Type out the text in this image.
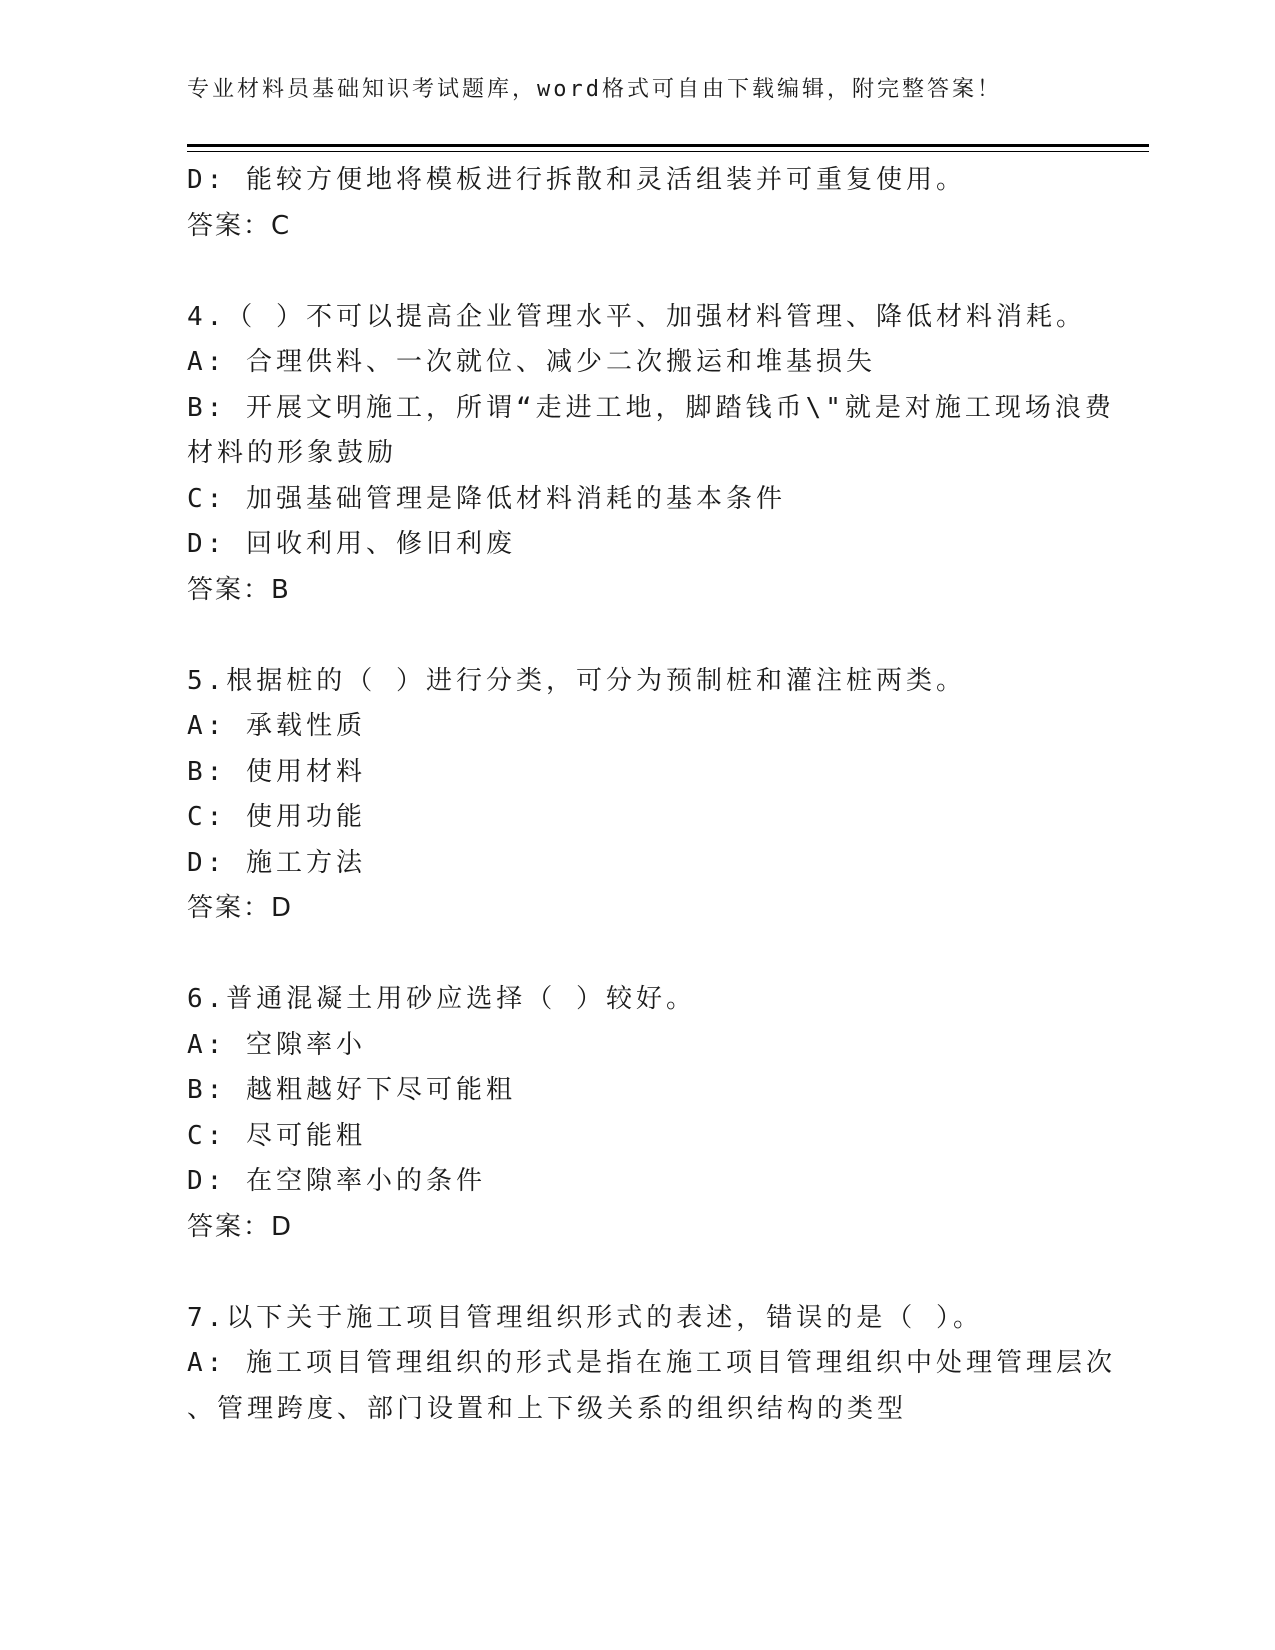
专业材料员基础知识考试题库，word格式可自由下载编辑，附完整答案！
D: 能较方便地将模板进行拆散和灵活组装并可重复使用。
答案：C
4.（ ）不可以提高企业管理水平、加强材料管理、降低材料消耗。
A: 合理供料、一次就位、减少二次搬运和堆基损失
B: 开展文明施工，所谓“走进工地，脚踏钱币\"就是对施工现场浪费
材料的形象鼓励
C: 加强基础管理是降低材料消耗的基本条件
D: 回收利用、修旧利废
答案：B
5.根据桩的（ ）进行分类，可分为预制桩和灌注桩两类。
A: 承载性质
B: 使用材料
C: 使用功能
D: 施工方法
答案：D
6.普通混凝土用砂应选择（ ）较好。
A: 空隙率小
B: 越粗越好下尽可能粗
C: 尽可能粗
D: 在空隙率小的条件
答案：D
7.以下关于施工项目管理组织形式的表述，错误的是（ ）。
A: 施工项目管理组织的形式是指在施工项目管理组织中处理管理层次
、管理跨度、部门设置和上下级关系的组织结构的类型
